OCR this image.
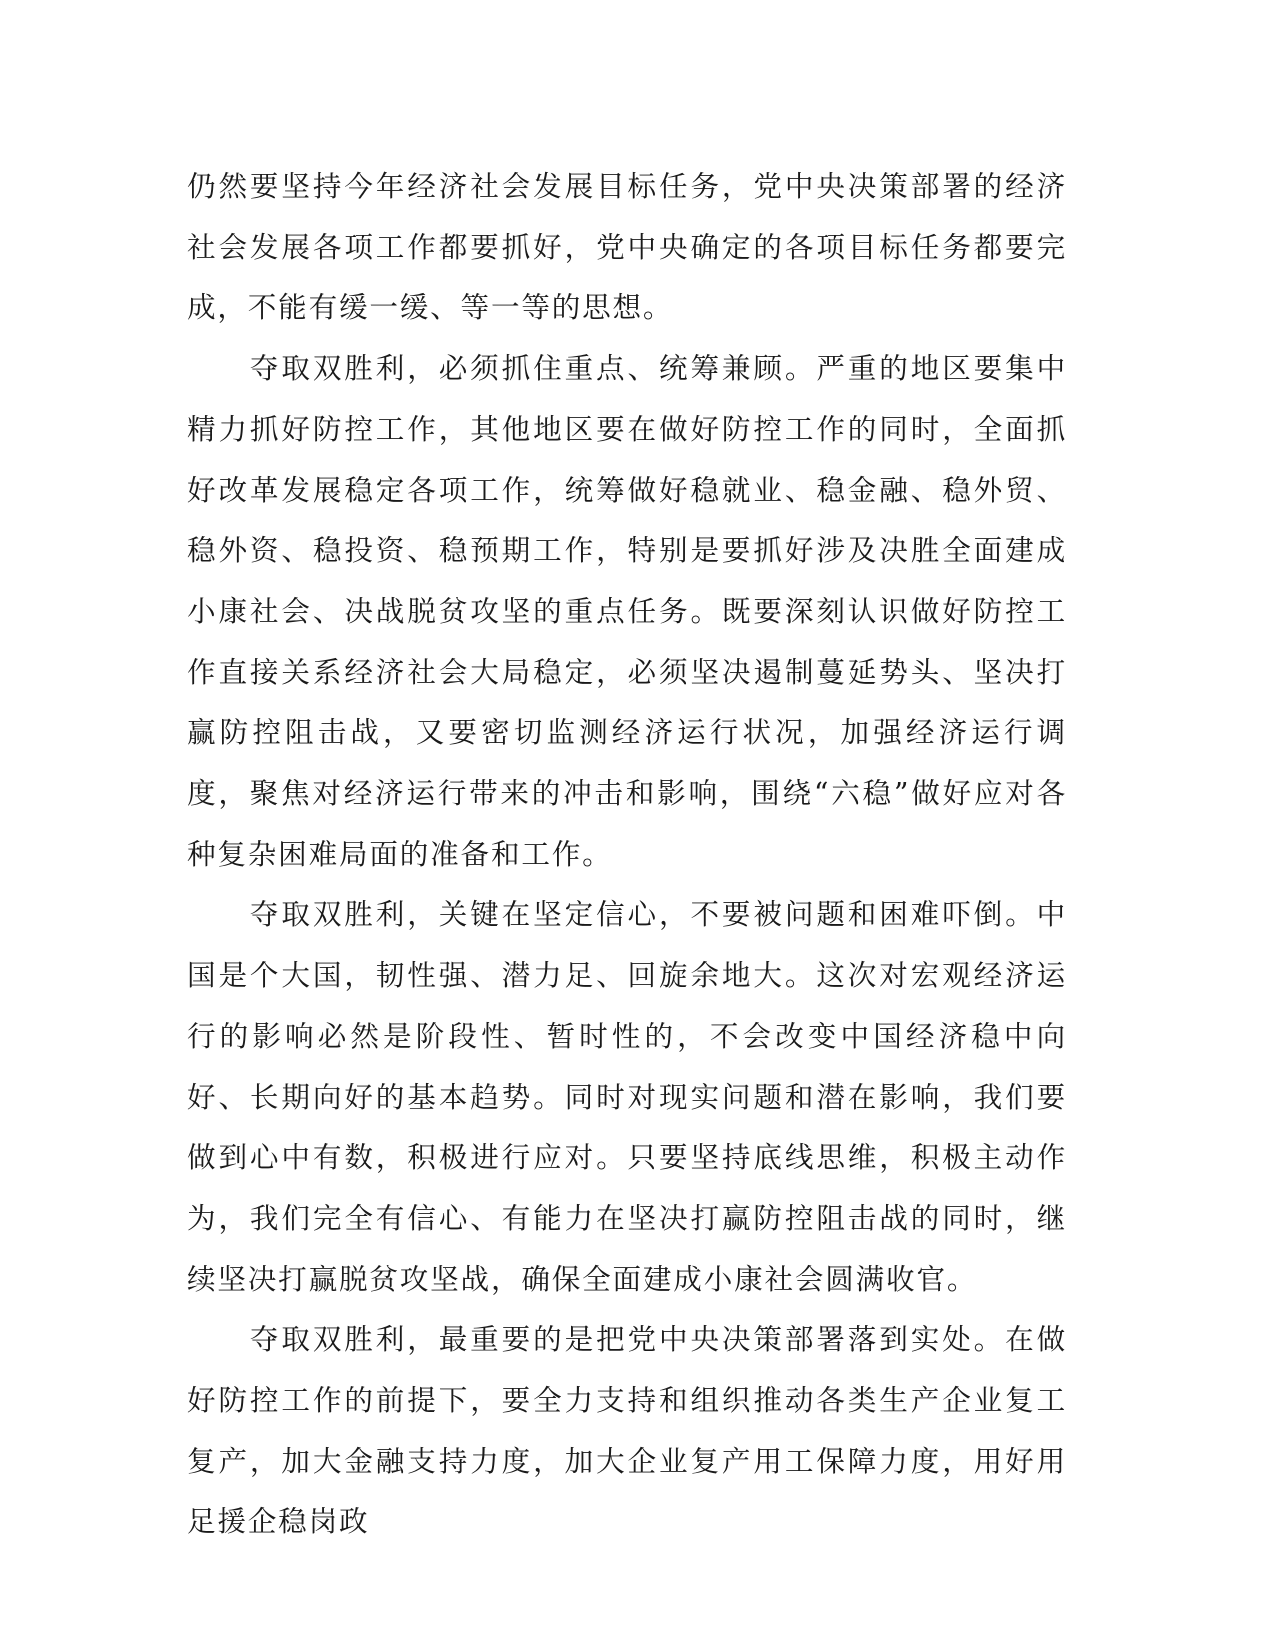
仍然要坚持今年经济社会发展目标任务，党中央决策部署的经济社会发展各项工作都要抓好，党中央确定的各项目标任务都要完成，不能有缓一缓、等一等的思想。

夺取双胜利，必须抓住重点、统筹兼顾。严重的地区要集中精力抓好防控工作，其他地区要在做好防控工作的同时，全面抓好改革发展稳定各项工作，统筹做好稳就业、稳金融、稳外贸、稳外资、稳投资、稳预期工作，特别是要抓好涉及决胜全面建成小康社会、决战脱贫攻坚的重点任务。既要深刻认识做好防控工作直接关系经济社会大局稳定，必须坚决遏制蔓延势头、坚决打赢防控阻击战，又要密切监测经济运行状况，加强经济运行调度，聚焦对经济运行带来的冲击和影响，围绕“六稳”做好应对各种复杂困难局面的准备和工作。

夺取双胜利，关键在坚定信心，不要被问题和困难吓倒。中国是个大国，韧性强、潜力足、回旋余地大。这次对宏观经济运行的影响必然是阶段性、暂时性的，不会改变中国经济稳中向好、长期向好的基本趋势。同时对现实问题和潜在影响，我们要做到心中有数，积极进行应对。只要坚持底线思维，积极主动作为，我们完全有信心、有能力在坚决打赢防控阻击战的同时，继续坚决打赢脱贫攻坚战，确保全面建成小康社会圆满收官。

夺取双胜利，最重要的是把党中央决策部署落到实处。在做好防控工作的前提下，要全力支持和组织推动各类生产企业复工复产，加大金融支持力度，加大企业复产用工保障力度，用好用足援企稳岗政
